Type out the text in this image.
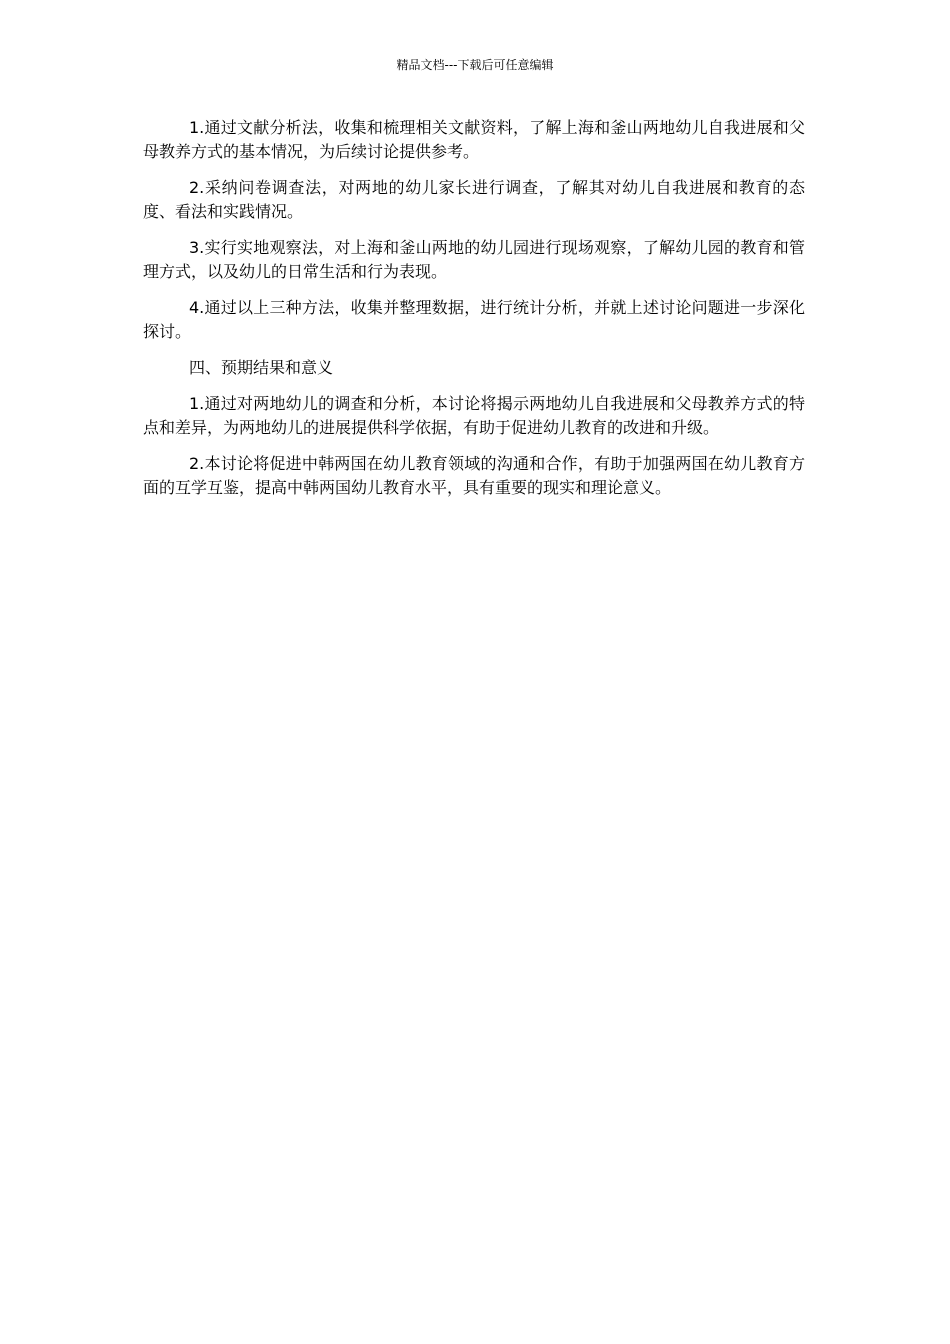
精品文档---下载后可任意编辑

1.通过文献分析法，收集和梳理相关文献资料，了解上海和釜山两地幼儿自我进展和父母教养方式的基本情况，为后续讨论提供参考。

2.采纳问卷调查法，对两地的幼儿家长进行调查，了解其对幼儿自我进展和教育的态度、看法和实践情况。

3.实行实地观察法，对上海和釜山两地的幼儿园进行现场观察，了解幼儿园的教育和管理方式，以及幼儿的日常生活和行为表现。

4.通过以上三种方法，收集并整理数据，进行统计分析，并就上述讨论问题进一步深化探讨。

四、预期结果和意义

1.通过对两地幼儿的调查和分析，本讨论将揭示两地幼儿自我进展和父母教养方式的特点和差异，为两地幼儿的进展提供科学依据，有助于促进幼儿教育的改进和升级。

2.本讨论将促进中韩两国在幼儿教育领域的沟通和合作，有助于加强两国在幼儿教育方面的互学互鉴，提高中韩两国幼儿教育水平，具有重要的现实和理论意义。
